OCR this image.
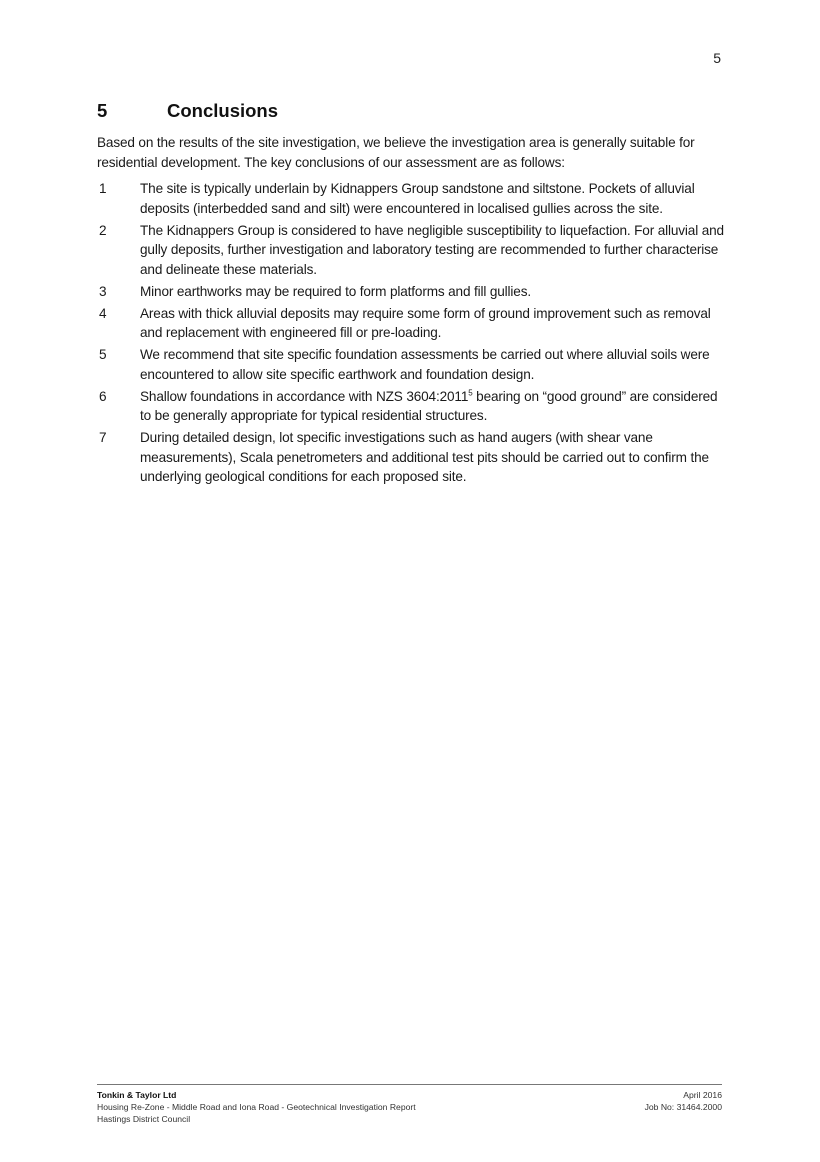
5
5	Conclusions

Based on the results of the site investigation, we believe the investigation area is generally suitable for residential development. The key conclusions of our assessment are as follows:

1	The site is typically underlain by Kidnappers Group sandstone and siltstone. Pockets of alluvial deposits (interbedded sand and silt) were encountered in localised gullies across the site.
2	The Kidnappers Group is considered to have negligible susceptibility to liquefaction. For alluvial and gully deposits, further investigation and laboratory testing are recommended to further characterise and delineate these materials.
3	Minor earthworks may be required to form platforms and fill gullies.
4	Areas with thick alluvial deposits may require some form of ground improvement such as removal and replacement with engineered fill or pre-loading.
5	We recommend that site specific foundation assessments be carried out where alluvial soils were encountered to allow site specific earthwork and foundation design.
6	Shallow foundations in accordance with NZS 3604:2011$^5$ bearing on “good ground” are considered to be generally appropriate for typical residential structures.
7	During detailed design, lot specific investigations such as hand augers (with shear vane measurements), Scala penetrometers and additional test pits should be carried out to confirm the underlying geological conditions for each proposed site.
Tonkin & Taylor Ltd
Housing Re-Zone - Middle Road and Iona Road - Geotechnical Investigation Report
Hastings District Council
April 2016
Job No: 31464.2000
